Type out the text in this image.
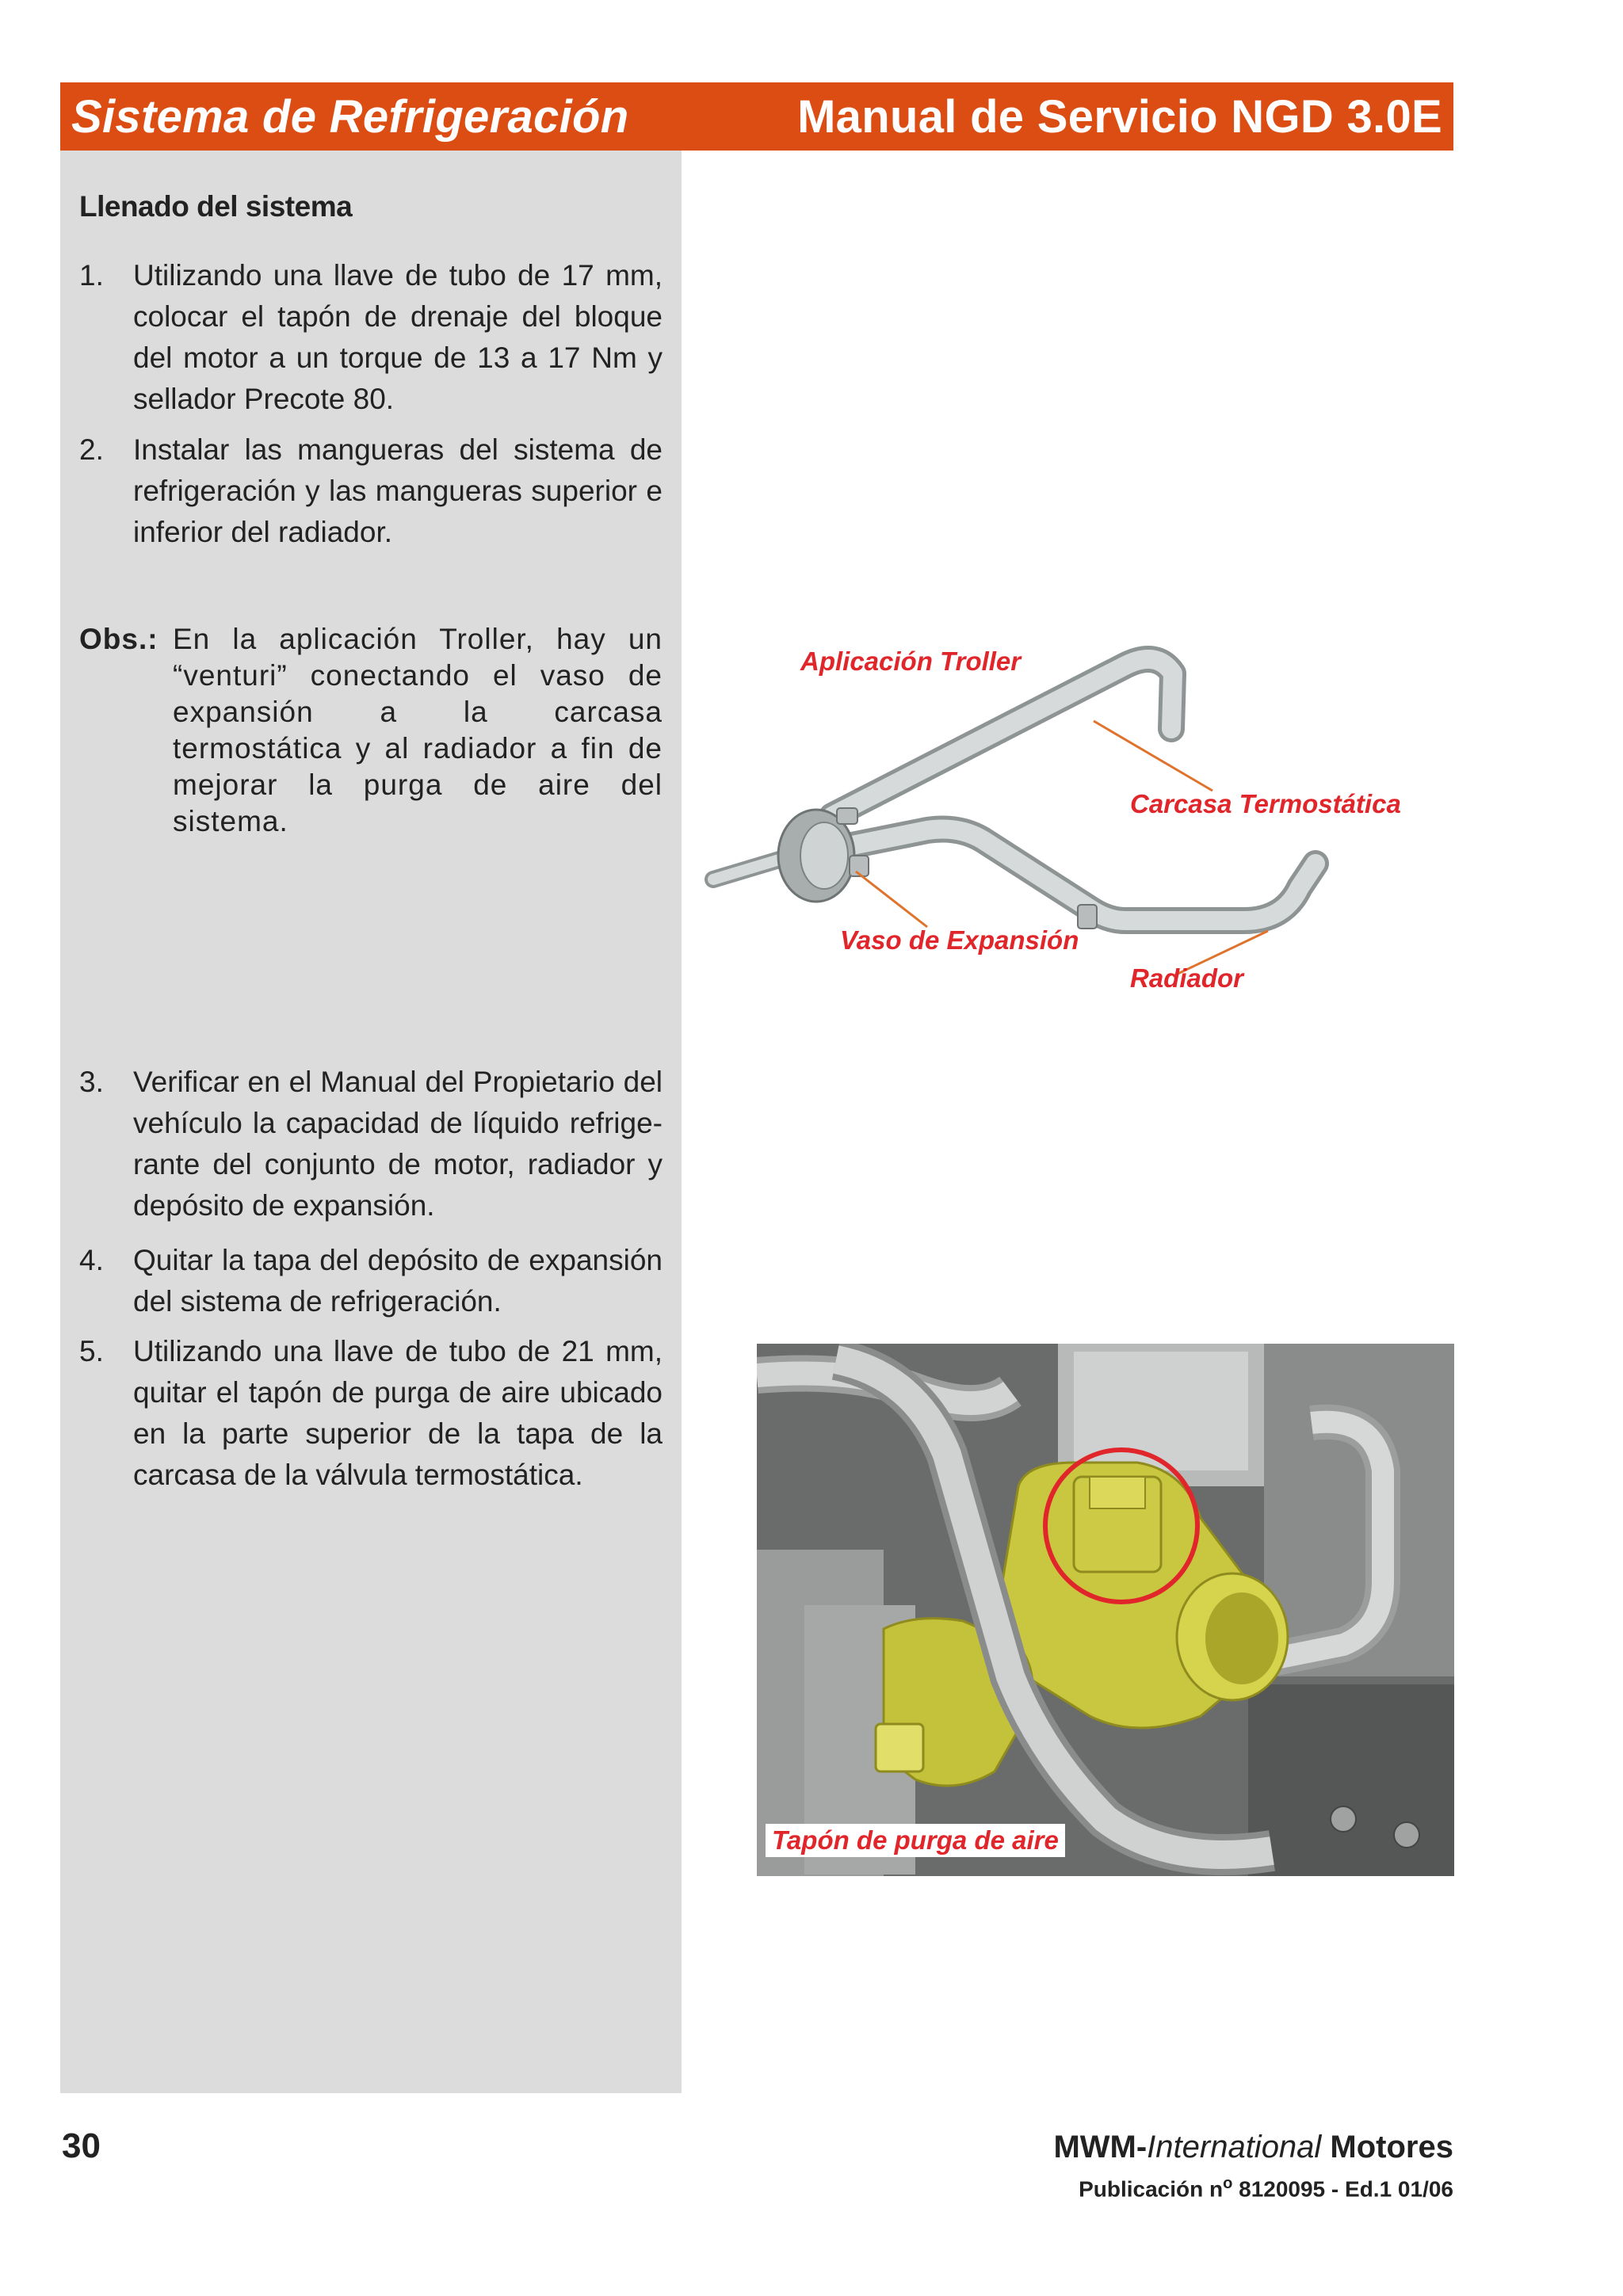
Sistema de Refrigeración	Manual de Servicio NGD 3.0E
Llenado del sistema
1.	Utilizando una llave de tubo de 17 mm, colocar el tapón de drenaje del bloque del motor a un torque de 13 a 17 Nm y sellador Precote 80.
2.	Instalar las mangueras del sistema de refrigeración y las mangueras superior e inferior del radiador.
Obs.: En la aplicación Troller, hay un “venturi” conectando el vaso de expansión a la carcasa termostática y al radiador a fin de mejorar la purga de aire del sistema.
3.	Verificar en el Manual del Propietario del vehículo la capacidad de líquido refrige-rante del conjunto de motor, radiador y depósito de expansión.
4.	Quitar la tapa del depósito de expansión del sistema de refrigeración.
5.	Utilizando una llave de tubo de 21 mm, quitar el tapón de purga de aire ubicado en la parte superior de la tapa de la carcasa de la válvula termostática.
Aplicación Troller
Carcasa Termostática
Vaso de Expansión
Radiador
Tapón de purga de aire
30	MWM-International Motores
Publicación $n^o$ 8120095 - Ed.1 01/06
